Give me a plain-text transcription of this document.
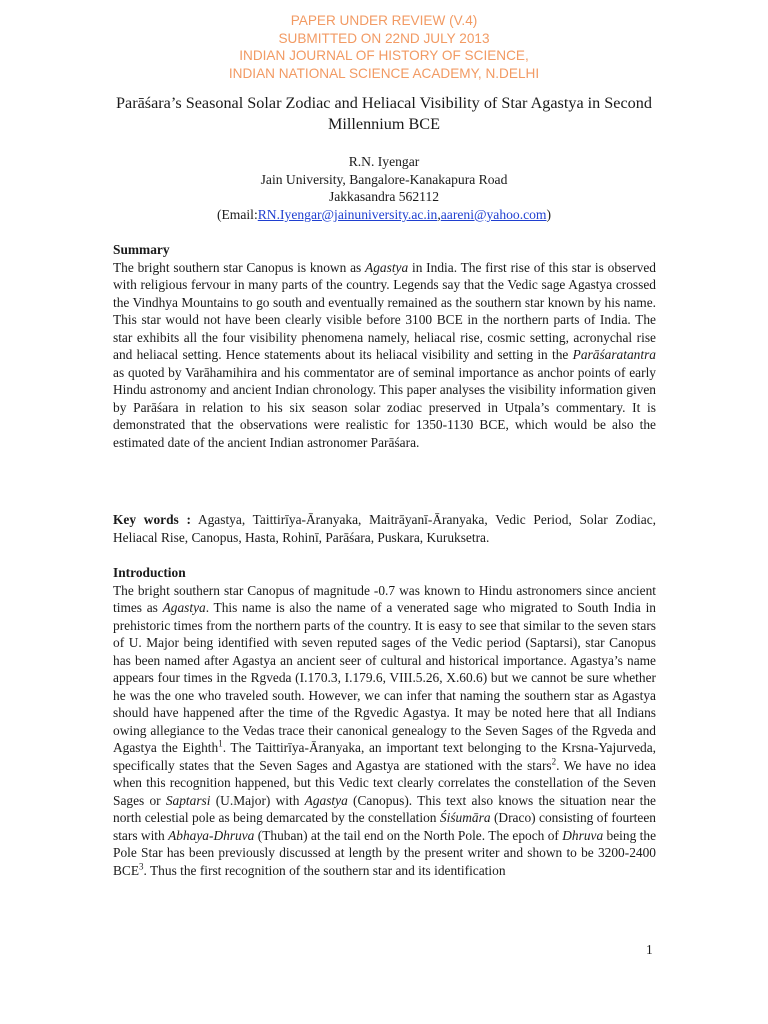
PAPER UNDER REVIEW (V.4)
SUBMITTED ON 22ND JULY 2013
INDIAN JOURNAL OF HISTORY OF SCIENCE,
INDIAN NATIONAL SCIENCE ACADEMY, N.DELHI
Parāśara’s Seasonal Solar Zodiac and Heliacal Visibility of Star Agastya in Second Millennium BCE
R.N. Iyengar
Jain University, Bangalore-Kanakapura Road
Jakkasandra 562112
(Email:RN.Iyengar@jainuniversity.ac.in,aareni@yahoo.com)
Summary
The bright southern star Canopus is known as Agastya in India. The first rise of this star is observed with religious fervour in many parts of the country. Legends say that the Vedic sage Agastya crossed the Vindhya Mountains to go south and eventually remained as the southern star known by his name. This star would not have been clearly visible before 3100 BCE in the northern parts of India. The star exhibits all the four visibility phenomena namely, heliacal rise, cosmic setting, acronychal rise and heliacal setting. Hence statements about its heliacal visibility and setting in the Parāśaratantra as quoted by Varāhamihira and his commentator are of seminal importance as anchor points of early Hindu astronomy and ancient Indian chronology. This paper analyses the visibility information given by Parāśara in relation to his six season solar zodiac preserved in Utpala’s commentary. It is demonstrated that the observations were realistic for 1350-1130 BCE, which would be also the estimated date of the ancient Indian astronomer Parāśara.
Key words : Agastya, Taittirīya-Āranyaka, Maitrāyanī-Āranyaka, Vedic Period, Solar Zodiac, Heliacal Rise, Canopus, Hasta, Rohinī, Parāśara, Puskara, Kuruksetra.
Introduction
The bright southern star Canopus of magnitude -0.7 was known to Hindu astronomers since ancient times as Agastya. This name is also the name of a venerated sage who migrated to South India in prehistoric times from the northern parts of the country. It is easy to see that similar to the seven stars of U. Major being identified with seven reputed sages of the Vedic period (Saptarsi), star Canopus has been named after Agastya an ancient seer of cultural and historical importance. Agastya’s name appears four times in the Rgveda (I.170.3, I.179.6, VIII.5.26, X.60.6) but we cannot be sure whether he was the one who traveled south. However, we can infer that naming the southern star as Agastya should have happened after the time of the Rgvedic Agastya. It may be noted here that all Indians owing allegiance to the Vedas trace their canonical genealogy to the Seven Sages of the Rgveda and Agastya the Eighth$^1$. The Taittirīya-Āranyaka, an important text belonging to the Krsna-Yajurveda, specifically states that the Seven Sages and Agastya are stationed with the stars$^2$. We have no idea when this recognition happened, but this Vedic text clearly correlates the constellation of the Seven Sages or Saptarsi (U.Major) with Agastya (Canopus). This text also knows the situation near the north celestial pole as being demarcated by the constellation Śiśumāra (Draco) consisting of fourteen stars with Abhaya-Dhruva (Thuban) at the tail end on the North Pole. The epoch of Dhruva being the Pole Star has been previously discussed at length by the present writer and shown to be 3200-2400 BCE$^3$. Thus the first recognition of the southern star and its identification
1
